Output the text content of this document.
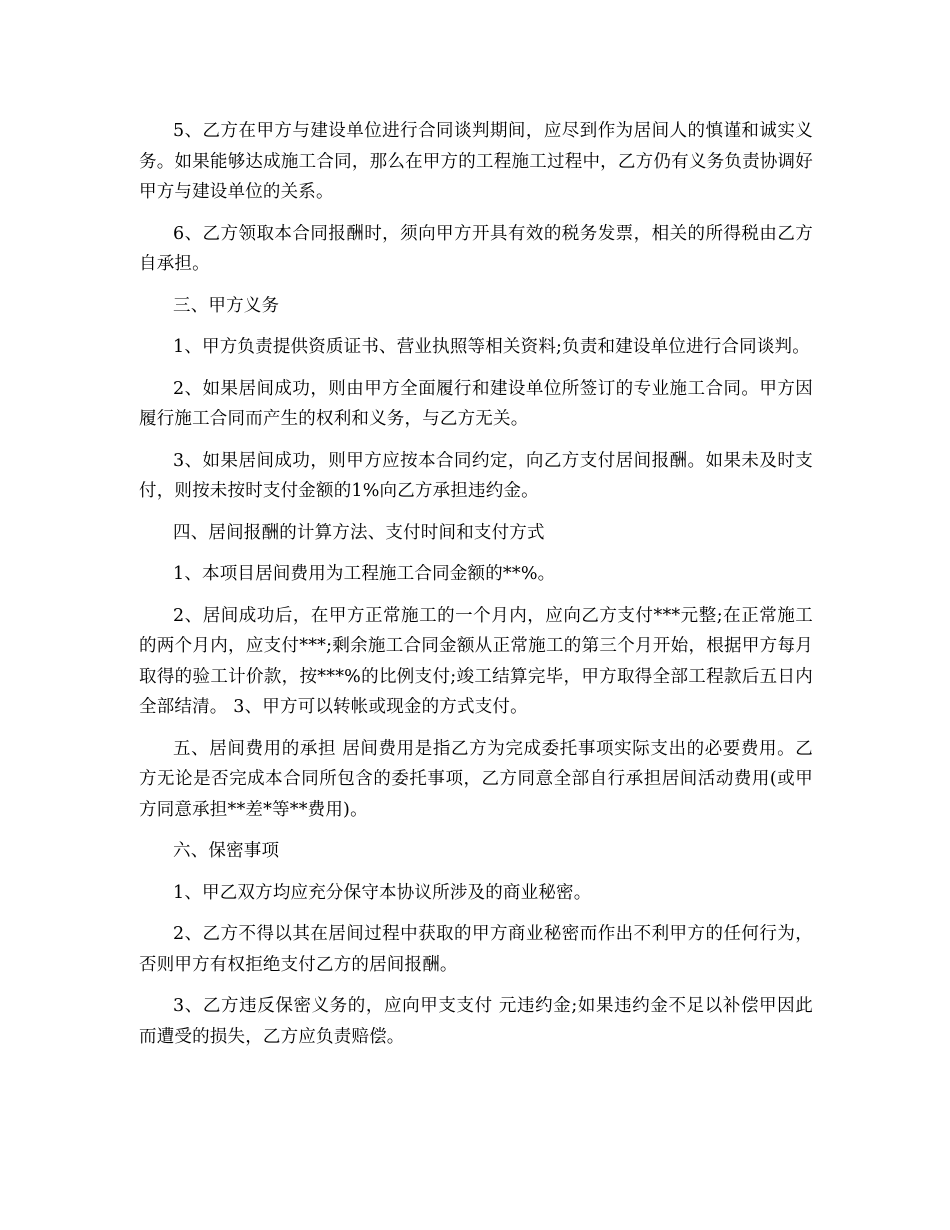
5、乙方在甲方与建设单位进行合同谈判期间，应尽到作为居间人的慎谨和诚实义务。如果能够达成施工合同，那么在甲方的工程施工过程中，乙方仍有义务负责协调好甲方与建设单位的关系。

6、乙方领取本合同报酬时，须向甲方开具有效的税务发票，相关的所得税由乙方自承担。

三、甲方义务

1、甲方负责提供资质证书、营业执照等相关资料;负责和建设单位进行合同谈判。

2、如果居间成功，则由甲方全面履行和建设单位所签订的专业施工合同。甲方因履行施工合同而产生的权利和义务，与乙方无关。

3、如果居间成功，则甲方应按本合同约定，向乙方支付居间报酬。如果未及时支付，则按未按时支付金额的1%向乙方承担违约金。

四、居间报酬的计算方法、支付时间和支付方式

1、本项目居间费用为工程施工合同金额的**%。

2、居间成功后，在甲方正常施工的一个月内，应向乙方支付***元整;在正常施工的两个月内，应支付***;剩余施工合同金额从正常施工的第三个月开始，根据甲方每月取得的验工计价款，按***%的比例支付;竣工结算完毕，甲方取得全部工程款后五日内全部结清。 3、甲方可以转帐或现金的方式支付。

五、居间费用的承担 居间费用是指乙方为完成委托事项实际支出的必要费用。乙方无论是否完成本合同所包含的委托事项，乙方同意全部自行承担居间活动费用(或甲方同意承担**差*等**费用)。

六、保密事项

1、甲乙双方均应充分保守本协议所涉及的商业秘密。

2、乙方不得以其在居间过程中获取的甲方商业秘密而作出不利甲方的任何行为，否则甲方有权拒绝支付乙方的居间报酬。

3、乙方违反保密义务的，应向甲支支付 元违约金;如果违约金不足以补偿甲因此而遭受的损失，乙方应负责赔偿。
